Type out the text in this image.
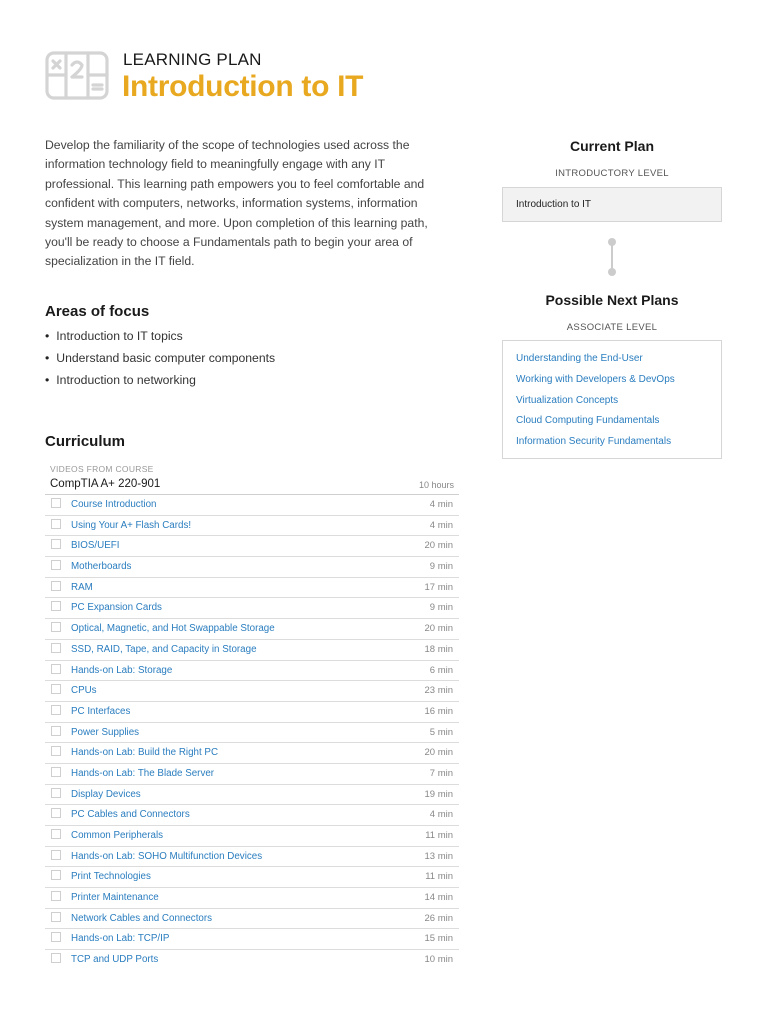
LEARNING PLAN
Introduction to IT
Develop the familiarity of the scope of technologies used across the information technology field to meaningfully engage with any IT professional. This learning path empowers you to feel comfortable and confident with computers, networks, information systems, information system management, and more. Upon completion of this learning path, you'll be ready to choose a Fundamentals path to begin your area of specialization in the IT field.
Areas of focus
• Introduction to IT topics
• Understand basic computer components
• Introduction to networking
Curriculum
VIDEOS FROM COURSE
CompTIA A+ 220-901	10 hours
Course Introduction	4 min
Using Your A+ Flash Cards!	4 min
BIOS/UEFI	20 min
Motherboards	9 min
RAM	17 min
PC Expansion Cards	9 min
Optical, Magnetic, and Hot Swappable Storage	20 min
SSD, RAID, Tape, and Capacity in Storage	18 min
Hands-on Lab: Storage	6 min
CPUs	23 min
PC Interfaces	16 min
Power Supplies	5 min
Hands-on Lab: Build the Right PC	20 min
Hands-on Lab: The Blade Server	7 min
Display Devices	19 min
PC Cables and Connectors	4 min
Common Peripherals	11 min
Hands-on Lab: SOHO Multifunction Devices	13 min
Print Technologies	11 min
Printer Maintenance	14 min
Network Cables and Connectors	26 min
Hands-on Lab: TCP/IP	15 min
TCP and UDP Ports	10 min
Current Plan
INTRODUCTORY LEVEL
Introduction to IT
Possible Next Plans
ASSOCIATE LEVEL
Understanding the End-User
Working with Developers & DevOps
Virtualization Concepts
Cloud Computing Fundamentals
Information Security Fundamentals
